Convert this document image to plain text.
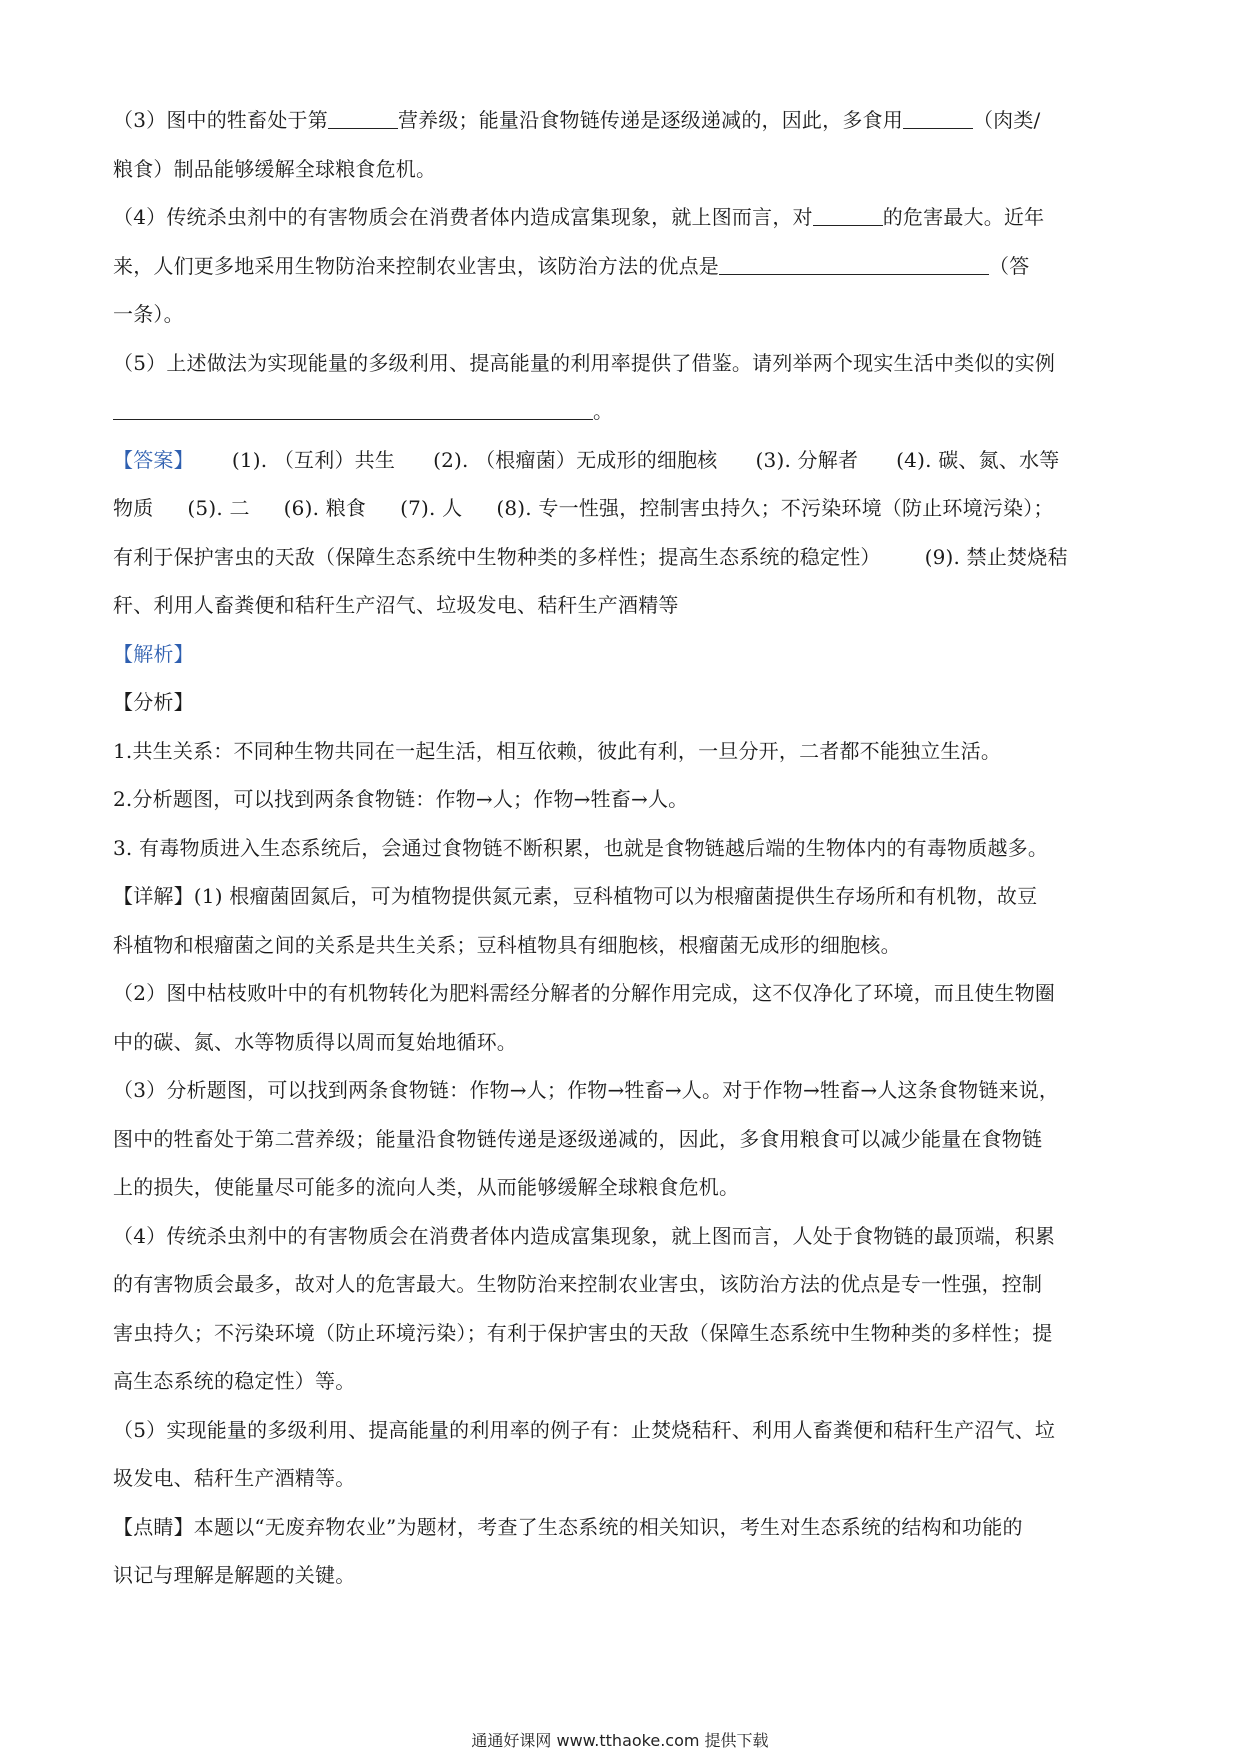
（3）图中的牲畜处于第	营养级；能量沿食物链传递是逐级递减的，因此，多食用	（肉类/
粮食）制品能够缓解全球粮食危机。
（4）传统杀虫剂中的有害物质会在消费者体内造成富集现象，就上图而言，对	的危害最大。近年
来，人们更多地采用生物防治来控制农业害虫，该防治方法的优点是	（答
一条）。
（5）上述做法为实现能量的多级利用、提高能量的利用率提供了借鉴。请列举两个现实生活中类似的实例
。
【答案】 (1). （互利）共生 (2). （根瘤菌）无成形的细胞核 (3). 分解者 (4). 碳、氮、水等
物质 (5). 二 (6). 粮食 (7). 人 (8). 专一性强，控制害虫持久；不污染环境（防止环境污染）；
有利于保护害虫的天敌（保障生态系统中生物种类的多样性；提高生态系统的稳定性） (9). 禁止焚烧秸
秆、利用人畜粪便和秸秆生产沼气、垃圾发电、秸秆生产酒精等
【解析】
【分析】
1.共生关系：不同种生物共同在一起生活，相互依赖，彼此有利，一旦分开，二者都不能独立生活。
2.分析题图，可以找到两条食物链：作物→人；作物→牲畜→人。
3. 有毒物质进入生态系统后，会通过食物链不断积累，也就是食物链越后端的生物体内的有毒物质越多。
【详解】(1) 根瘤菌固氮后，可为植物提供氮元素，豆科植物可以为根瘤菌提供生存场所和有机物，故豆
科植物和根瘤菌之间的关系是共生关系；豆科植物具有细胞核，根瘤菌无成形的细胞核。
（2）图中枯枝败叶中的有机物转化为肥料需经分解者的分解作用完成，这不仅净化了环境，而且使生物圈
中的碳、氮、水等物质得以周而复始地循环。
（3）分析题图，可以找到两条食物链：作物→人；作物→牲畜→人。对于作物→牲畜→人这条食物链来说，
图中的牲畜处于第二营养级；能量沿食物链传递是逐级递减的，因此，多食用粮食可以减少能量在食物链
上的损失，使能量尽可能多的流向人类，从而能够缓解全球粮食危机。
（4）传统杀虫剂中的有害物质会在消费者体内造成富集现象，就上图而言，人处于食物链的最顶端，积累
的有害物质会最多，故对人的危害最大。生物防治来控制农业害虫，该防治方法的优点是专一性强，控制
害虫持久；不污染环境（防止环境污染）；有利于保护害虫的天敌（保障生态系统中生物种类的多样性；提
高生态系统的稳定性）等。
（5）实现能量的多级利用、提高能量的利用率的例子有：止焚烧秸秆、利用人畜粪便和秸秆生产沼气、垃
圾发电、秸秆生产酒精等。
【点睛】本题以“无废弃物农业”为题材，考查了生态系统的相关知识，考生对生态系统的结构和功能的
识记与理解是解题的关键。
通通好课网 www.tthaoke.com 提供下载
